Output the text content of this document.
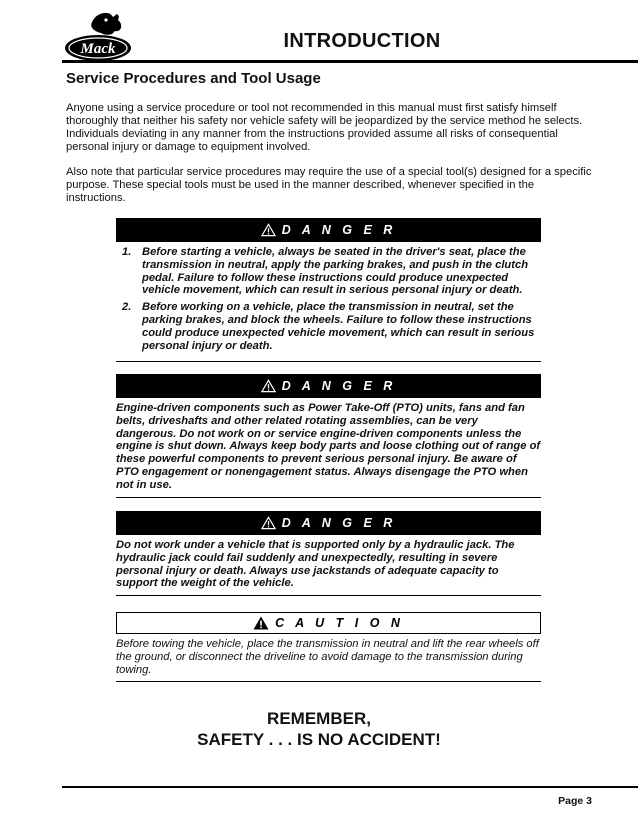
Mack	INTRODUCTION
Service Procedures and Tool Usage

Anyone using a service procedure or tool not recommended in this manual must first satisfy himself thoroughly that neither his safety nor vehicle safety will be jeopardized by the service method he selects. Individuals deviating in any manner from the instructions provided assume all risks of consequential personal injury or damage to equipment involved.

Also note that particular service procedures may require the use of a special tool(s) designed for a specific purpose. These special tools must be used in the manner described, whenever specified in the instructions.

D A N G E R
1. Before starting a vehicle, always be seated in the driver's seat, place the transmission in neutral, apply the parking brakes, and push in the clutch pedal. Failure to follow these instructions could produce unexpected vehicle movement, which can result in serious personal injury or death.
2. Before working on a vehicle, place the transmission in neutral, set the parking brakes, and block the wheels. Failure to follow these instructions could produce unexpected vehicle movement, which can result in serious personal injury or death.
D A N G E R
Engine-driven components such as Power Take-Off (PTO) units, fans and fan belts, driveshafts and other related rotating assemblies, can be very dangerous. Do not work on or service engine-driven components unless the engine is shut down. Always keep body parts and loose clothing out of range of these powerful components to prevent serious personal injury. Be aware of PTO engagement or nonengagement status. Always disengage the PTO when not in use.
D A N G E R
Do not work under a vehicle that is supported only by a hydraulic jack. The hydraulic jack could fail suddenly and unexpectedly, resulting in severe personal injury or death. Always use jackstands of adequate capacity to support the weight of the vehicle.
C A U T I O N
Before towing the vehicle, place the transmission in neutral and lift the rear wheels off the ground, or disconnect the driveline to avoid damage to the transmission during towing.
REMEMBER,
SAFETY . . . IS NO ACCIDENT!
Page 3
